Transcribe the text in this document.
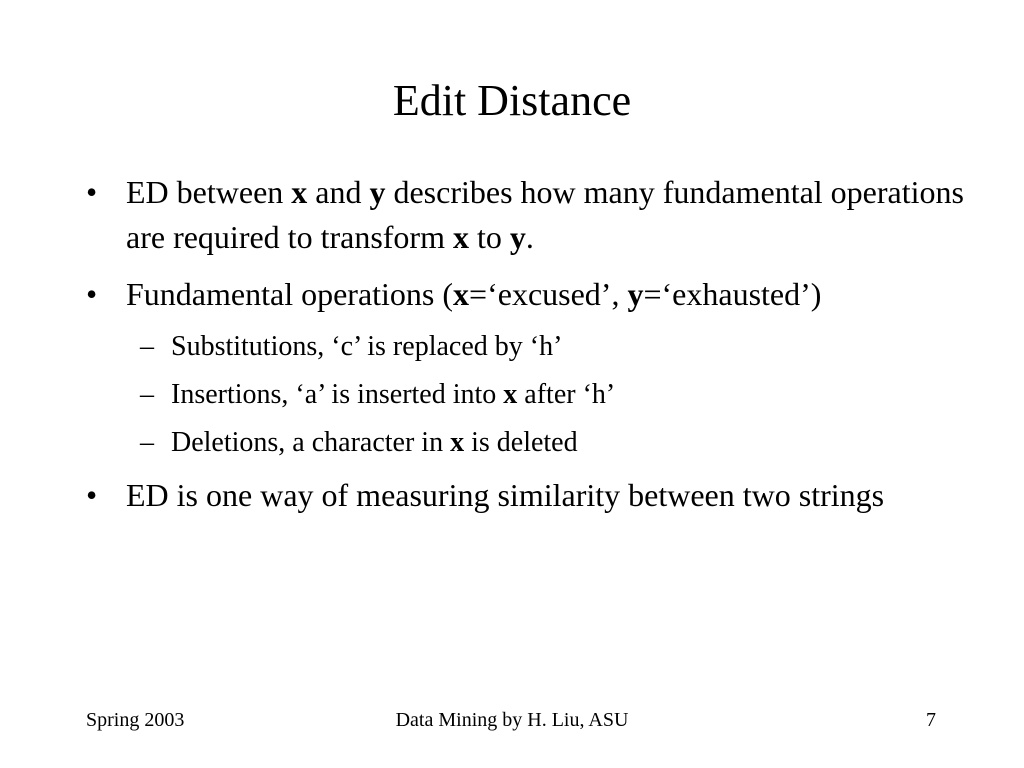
Edit Distance
• ED between x and y describes how many fundamental operations are required to transform x to y.
• Fundamental operations (x=‘excused’, y=‘exhausted’)
– Substitutions, ‘c’ is replaced by ‘h’
– Insertions, ‘a’ is inserted into x after ‘h’
– Deletions, a character in x is deleted
• ED is one way of measuring similarity between two strings
Spring 2003	Data Mining by H. Liu, ASU	7
